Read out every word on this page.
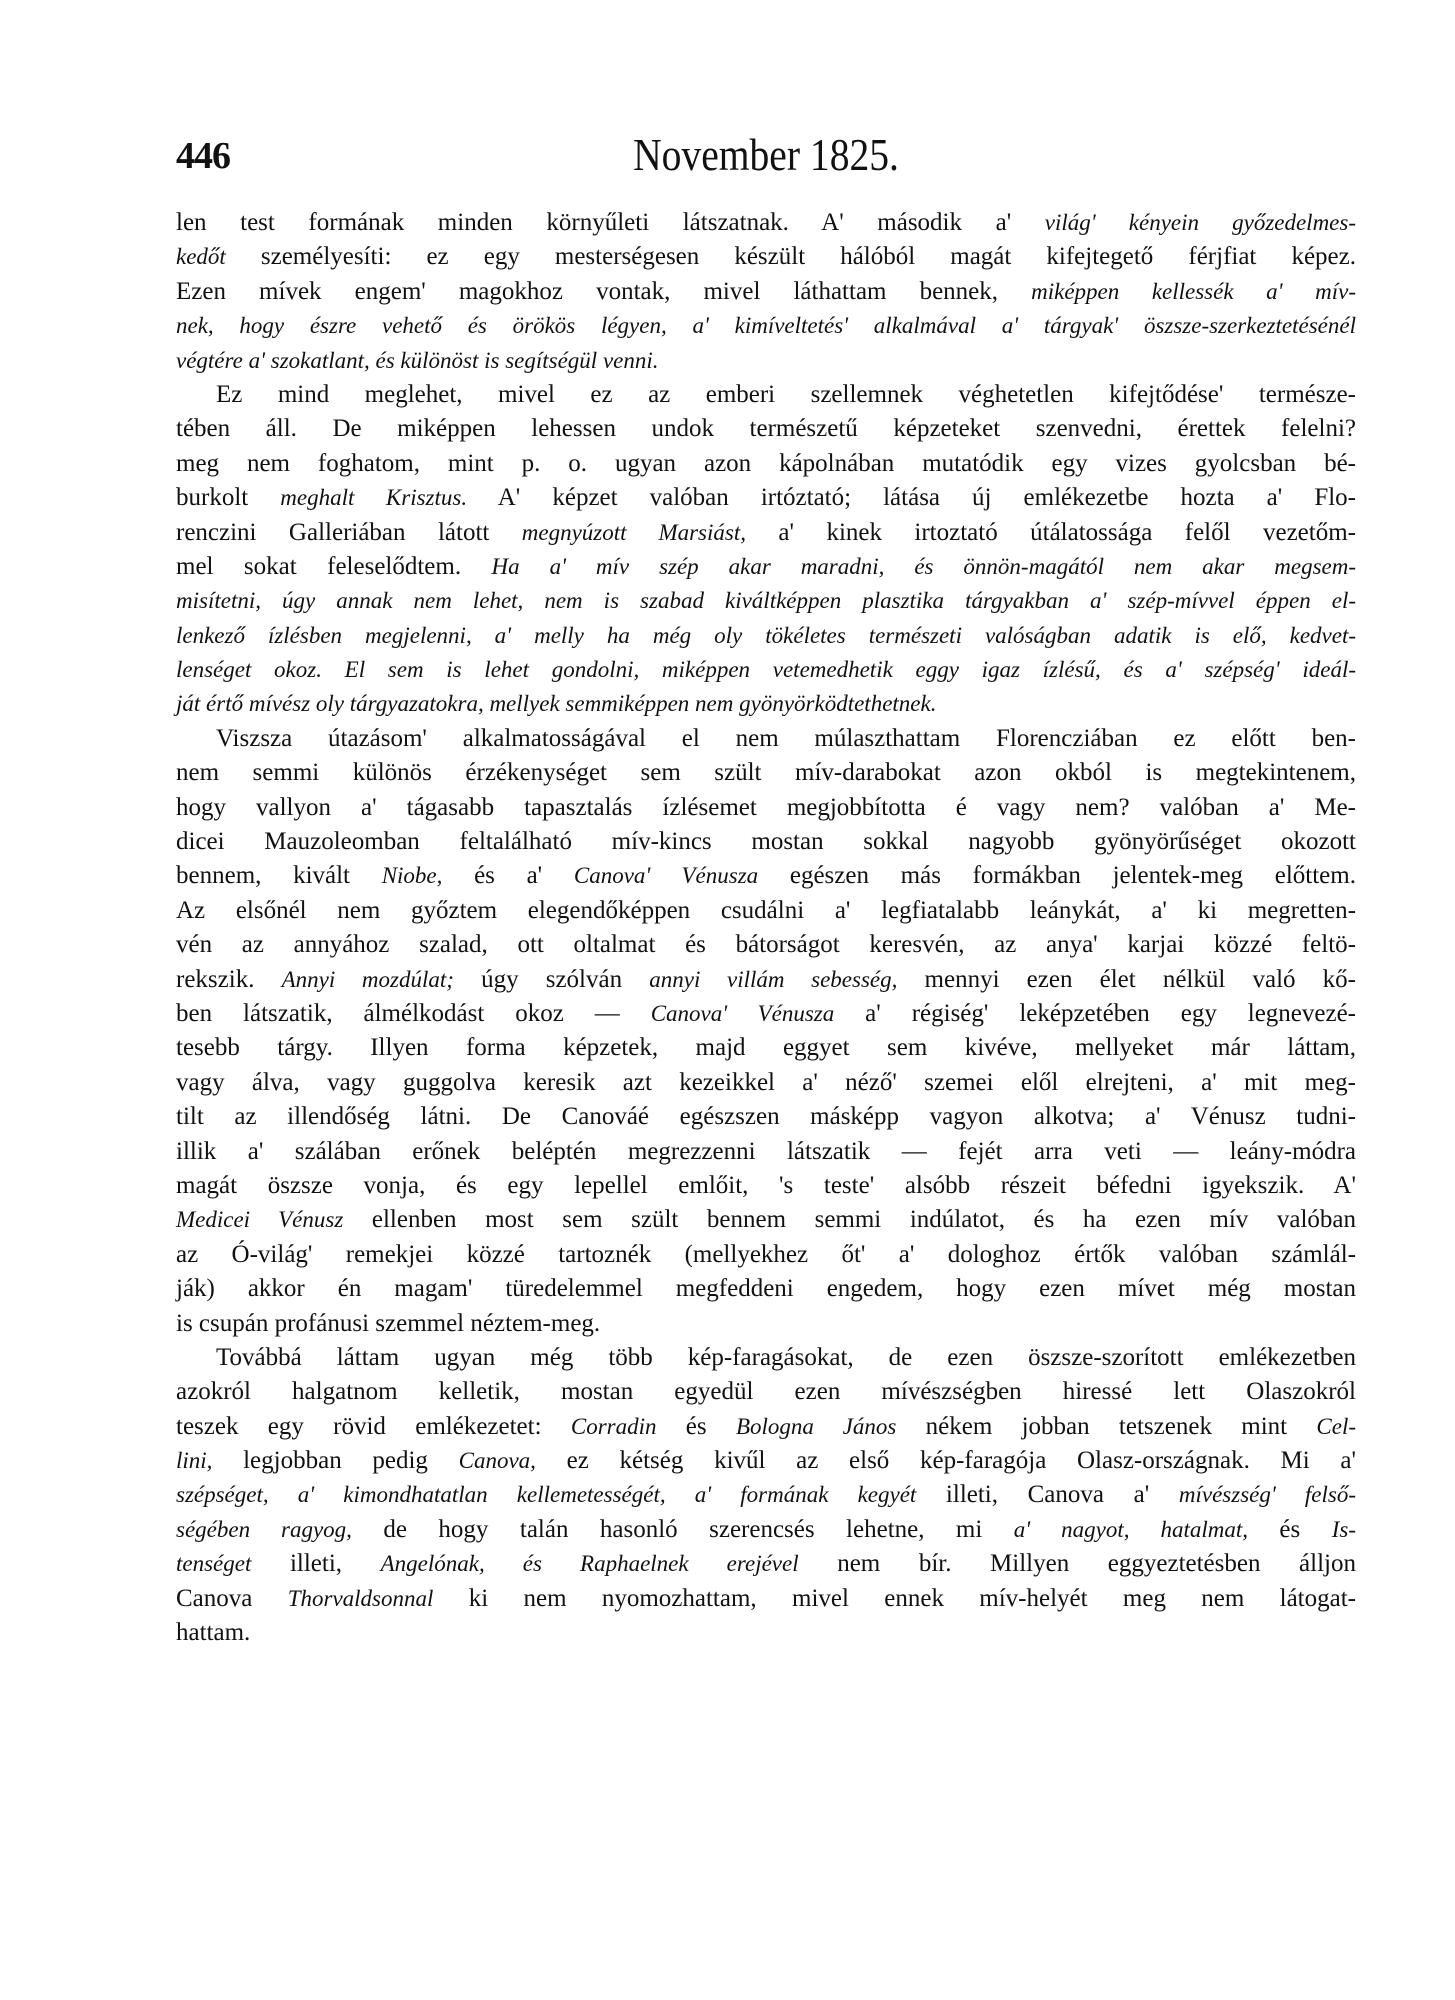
446	November 1825.
len test formának minden környűleti látszatnak. A' második a' világ' kényein győzedelmes-
kedőt személyesíti: ez egy mesterségesen készült hálóból magát kifejtegető férjfiat képez.
Ezen mívek engem' magokhoz vontak, mivel láthattam bennek, miképpen kellessék a' mív-
nek, hogy észre vehető és örökös légyen, a' kimíveltetés' alkalmával a' tárgyak' öszsze-szerkeztetésénél
végtére a' szokatlant, és különöst is segítségül venni.
Ez mind meglehet, mivel ez az emberi szellemnek véghetetlen kifejtődése' természe-
tében áll. De miképpen lehessen undok természetű képzeteket szenvedni, érettek felelni?
meg nem foghatom, mint p. o. ugyan azon kápolnában mutatódik egy vizes gyolcsban bé-
burkolt meghalt Krisztus. A' képzet valóban irtóztató; látása új emlékezetbe hozta a' Flo-
renczini Galleriában látott megnyúzott Marsiást, a' kinek irtoztató útálatossága felől vezetőm-
mel sokat feleselődtem. Ha a' mív szép akar maradni, és önnön-magától nem akar megsem-
misítetni, úgy annak nem lehet, nem is szabad kiváltképpen plasztika tárgyakban a' szép-mívvel éppen el-
lenkező ízlésben megjelenni, a' melly ha még oly tökéletes természeti valóságban adatik is elő, kedvet-
lenséget okoz. El sem is lehet gondolni, miképpen vetemedhetik eggy igaz ízlésű, és a' szépség' ideál-
ját értő mívész oly tárgyazatokra, mellyek semmiképpen nem gyönyörködtethetnek.
Viszsza útazásom' alkalmatosságával el nem múlaszthattam Florencziában ez előtt ben-
nem semmi különös érzékenységet sem szült mív-darabokat azon okból is megtekintenem,
hogy vallyon a' tágasabb tapasztalás ízlésemet megjobbította é vagy nem? valóban a' Me-
dicei Mauzoleomban feltalálható mív-kincs mostan sokkal nagyobb gyönyörűséget okozott
bennem, kivált Niobe, és a' Canova' Vénusza egészen más formákban jelentek-meg előttem.
Az elsőnél nem győztem elegendőképpen csudálni a' legfiatalabb leánykát, a' ki megretten-
vén az annyához szalad, ott oltalmat és bátorságot keresvén, az anya' karjai közzé feltö-
rekszik. Annyi mozdúlat; úgy szólván annyi villám sebesség, mennyi ezen élet nélkül való kő-
ben látszatik, álmélkodást okoz — Canova' Vénusza a' régiség' leképzetében egy legnevezé-
tesebb tárgy. Illyen forma képzetek, majd eggyet sem kivéve, mellyeket már láttam,
vagy álva, vagy guggolva keresik azt kezeikkel a' néző' szemei elől elrejteni, a' mit meg-
tilt az illendőség látni. De Canováé egészszen másképp vagyon alkotva; a' Vénusz tudni-
illik a' szálában erőnek beléptén megrezzenni látszatik — fejét arra veti — leány-módra
magát öszsze vonja, és egy lepellel emlőit, 's teste' alsóbb részeit béfedni igyekszik. A'
Medicei Vénusz ellenben most sem szült bennem semmi indúlatot, és ha ezen mív valóban
az Ó-világ' remekjei közzé tartoznék (mellyekhez őt' a' dologhoz értők valóban számlál-
ják) akkor én magam' türedelemmel megfeddeni engedem, hogy ezen mívet még mostan
is csupán profánusi szemmel néztem-meg.
Továbbá láttam ugyan még több kép-faragásokat, de ezen öszsze-szorított emlékezetben
azokról halgatnom kelletik, mostan egyedül ezen mívészségben hiressé lett Olaszokról
teszek egy rövid emlékezetet: Corradin és Bologna János nékem jobban tetszenek mint Cel-
lini, legjobban pedig Canova, ez kétség kivűl az első kép-faragója Olasz-országnak. Mi a'
szépséget, a' kimondhatatlan kellemetességét, a' formának kegyét illeti, Canova a' mívészség' felső-
ségében ragyog, de hogy talán hasonló szerencsés lehetne, mi a' nagyot, hatalmat, és Is-
tenséget illeti, Angelónak, és Raphaelnek erejével nem bír. Millyen eggyeztetésben álljon
Canova Thorvaldsonnal ki nem nyomozhattam, mivel ennek mív-helyét meg nem látogat-
hattam.
